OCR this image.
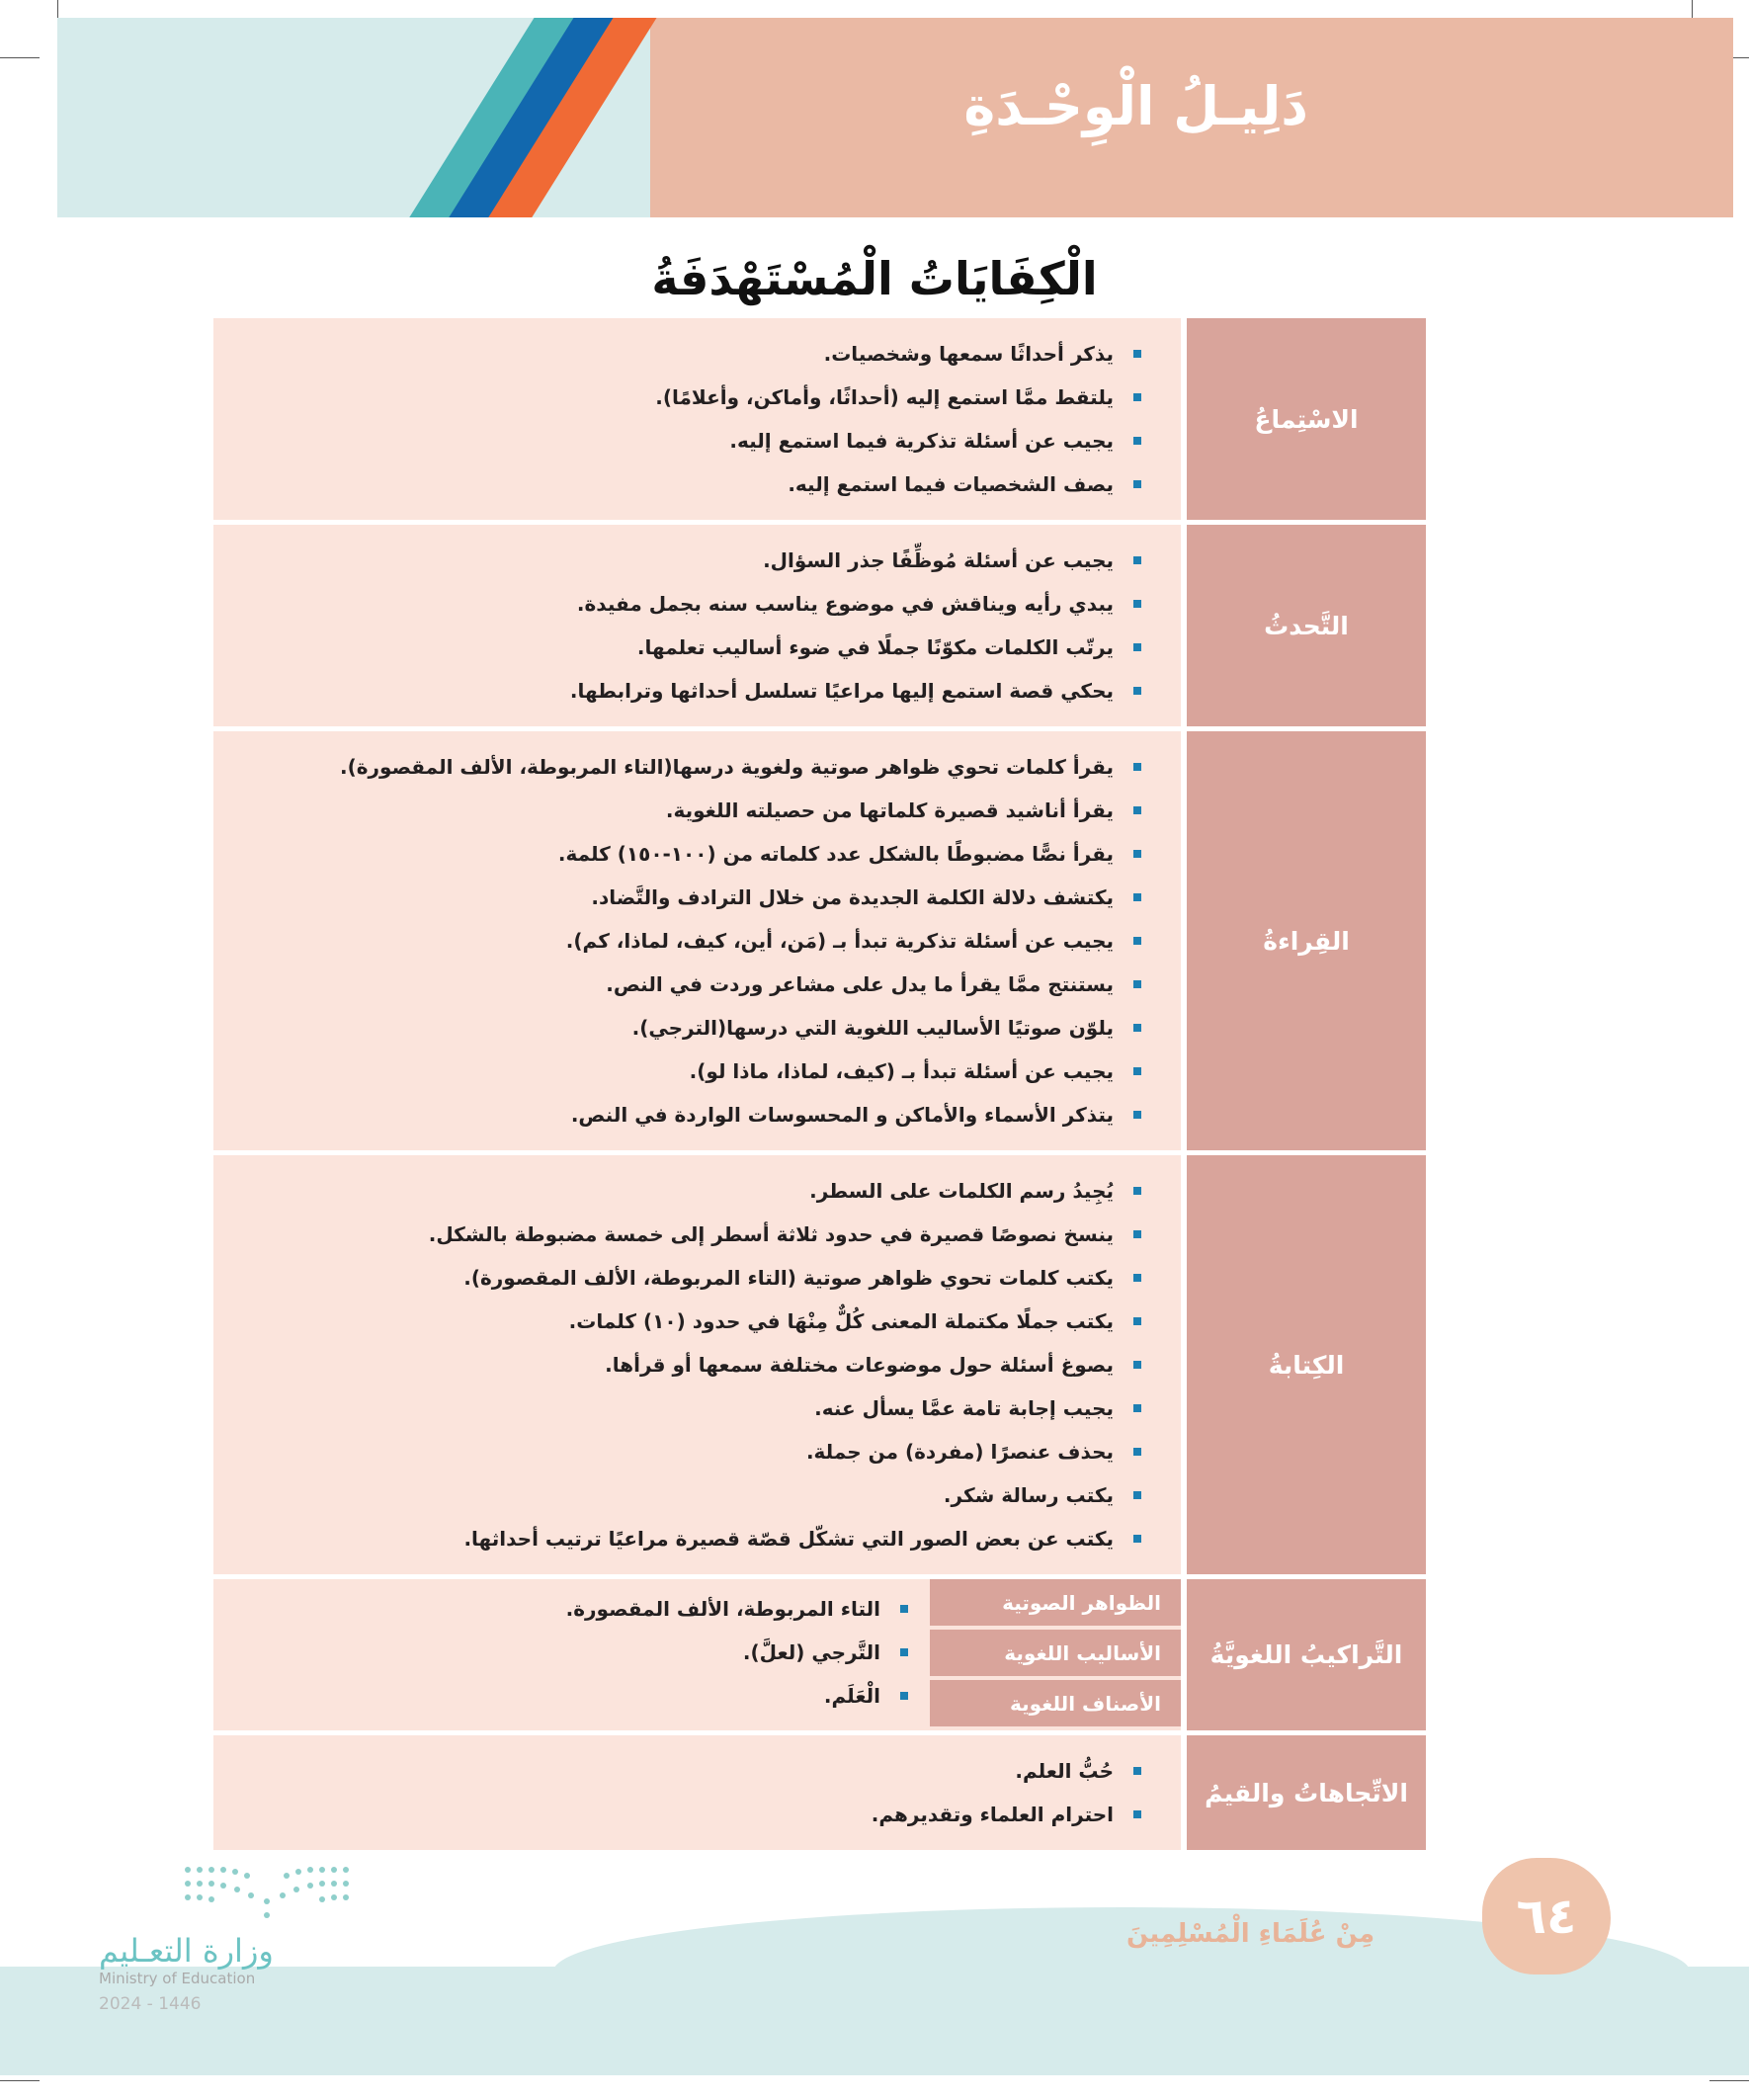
دَلِيـلُ الْوِحْـدَةِ
الْكِفَايَاتُ الْمُسْتَهْدَفَةُ
الاسْتِماعُ
يذكر أحداثًا سمعها وشخصيات.
يلتقط ممَّا استمع إليه (أحداثًا، وأماكن، وأعلامًا).
يجيب عن أسئلة تذكرية فيما استمع إليه.
يصف الشخصيات فيما استمع إليه.
التَّحدثُ
يجيب عن أسئلة مُوظِّفًا جذر السؤال.
يبدي رأيه ويناقش في موضوع يناسب سنه بجمل مفيدة.
يرتّب الكلمات مكوّنًا جملًا في ضوء أساليب تعلمها.
يحكي قصة استمع إليها مراعيًا تسلسل أحداثها وترابطها.
القِراءةُ
يقرأ كلمات تحوي ظواهر صوتية ولغوية درسها(التاء المربوطة، الألف المقصورة).
يقرأ أناشيد قصيرة كلماتها من حصيلته اللغوية.
يقرأ نصًّا مضبوطًا بالشكل عدد كلماته من (١٠٠-١٥٠) كلمة.
يكتشف دلالة الكلمة الجديدة من خلال الترادف والتَّضاد.
يجيب عن أسئلة تذكرية تبدأ بـ (مَن، أين، كيف، لماذا، كم).
يستنتج ممَّا يقرأ ما يدل على مشاعر وردت في النص.
يلوّن صوتيًا الأساليب اللغوية التي درسها(الترجي).
يجيب عن أسئلة تبدأ بـ (كيف، لماذا، ماذا لو).
يتذكر الأسماء والأماكن و المحسوسات الواردة في النص.
الكِتابةُ
يُجِيدُ رسم الكلمات على السطر.
ينسخ نصوصًا قصيرة في حدود ثلاثة أسطر إلى خمسة مضبوطة بالشكل.
يكتب كلمات تحوي ظواهر صوتية (التاء المربوطة، الألف المقصورة).
يكتب جملًا مكتملة المعنى كُلٌّ مِنْهَا في حدود (١٠) كلمات.
يصوغ أسئلة حول موضوعات مختلفة سمعها أو قرأها.
يجيب إجابة تامة عمَّا يسأل عنه.
يحذف عنصرًا (مفردة) من جملة.
يكتب رسالة شكر.
يكتب عن بعض الصور التي تشكّل قصّة قصيرة مراعيًا ترتيب أحداثها.
التَّراكيبُ اللغويَّةُ
الظواهر الصوتية
الأساليب اللغوية
الأصناف اللغوية
التاء المربوطة، الألف المقصورة.
التَّرجي (لعلَّ).
الْعَلَم.
الاتِّجاهاتُ والقيمُ
حُبُّ العلم.
احترام العلماء وتقديرهم.
٦٤
مِنْ عُلَمَاءِ الْمُسْلِمِينَ
وزارة التعـليم
Ministry of Education
2024 - 1446
